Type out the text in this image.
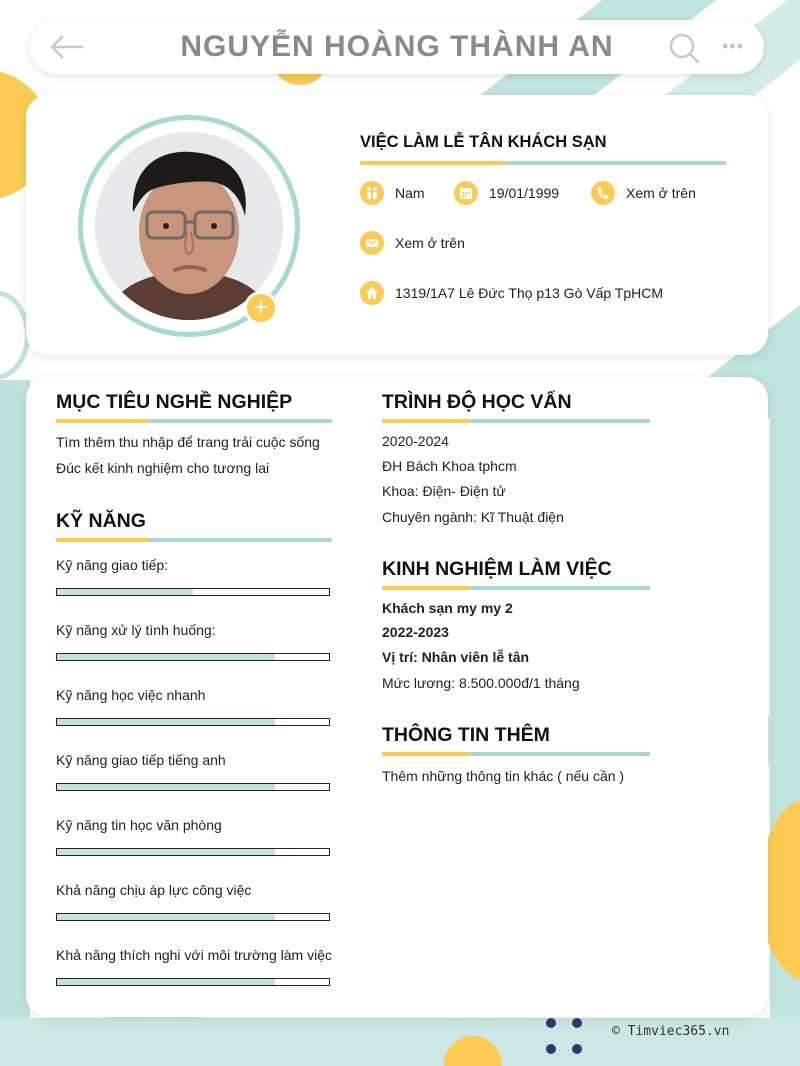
NGUYỄN HOÀNG THÀNH AN	•••
+
VIỆC LÀM LỄ TÂN KHÁCH SẠN
Nam	19/01/1999	Xem ở trên
Xem ở trên
1319/1A7 Lê Đức Thọ p13 Gò Vấp TpHCM
MỤC TIÊU NGHỀ NGHIỆP
Tìm thêm thu nhập để trang trải cuộc sống
Đúc kết kinh nghiệm cho tương lai
KỸ NĂNG
Kỹ năng giao tiếp:
Kỹ năng xử lý tình huống:
Kỹ năng học việc nhanh
Kỹ năng giao tiếp tiếng anh
Kỹ năng tin học văn phòng
Khả năng chịu áp lực công việc
Khả năng thích nghi với môi trường làm việc
TRÌNH ĐỘ HỌC VẤN
2020-2024
ĐH Bách Khoa tphcm
Khoa: Điện- Điện tử
Chuyên ngành: Kĩ Thuật điện
KINH NGHIỆM LÀM VIỆC
Khách sạn my my 2
2022-2023
Vị trí: Nhân viên lễ tân
Mức lương: 8.500.000đ/1 tháng
THÔNG TIN THÊM
Thêm những thông tin khác ( nếu cần )
© Timviec365.vn
